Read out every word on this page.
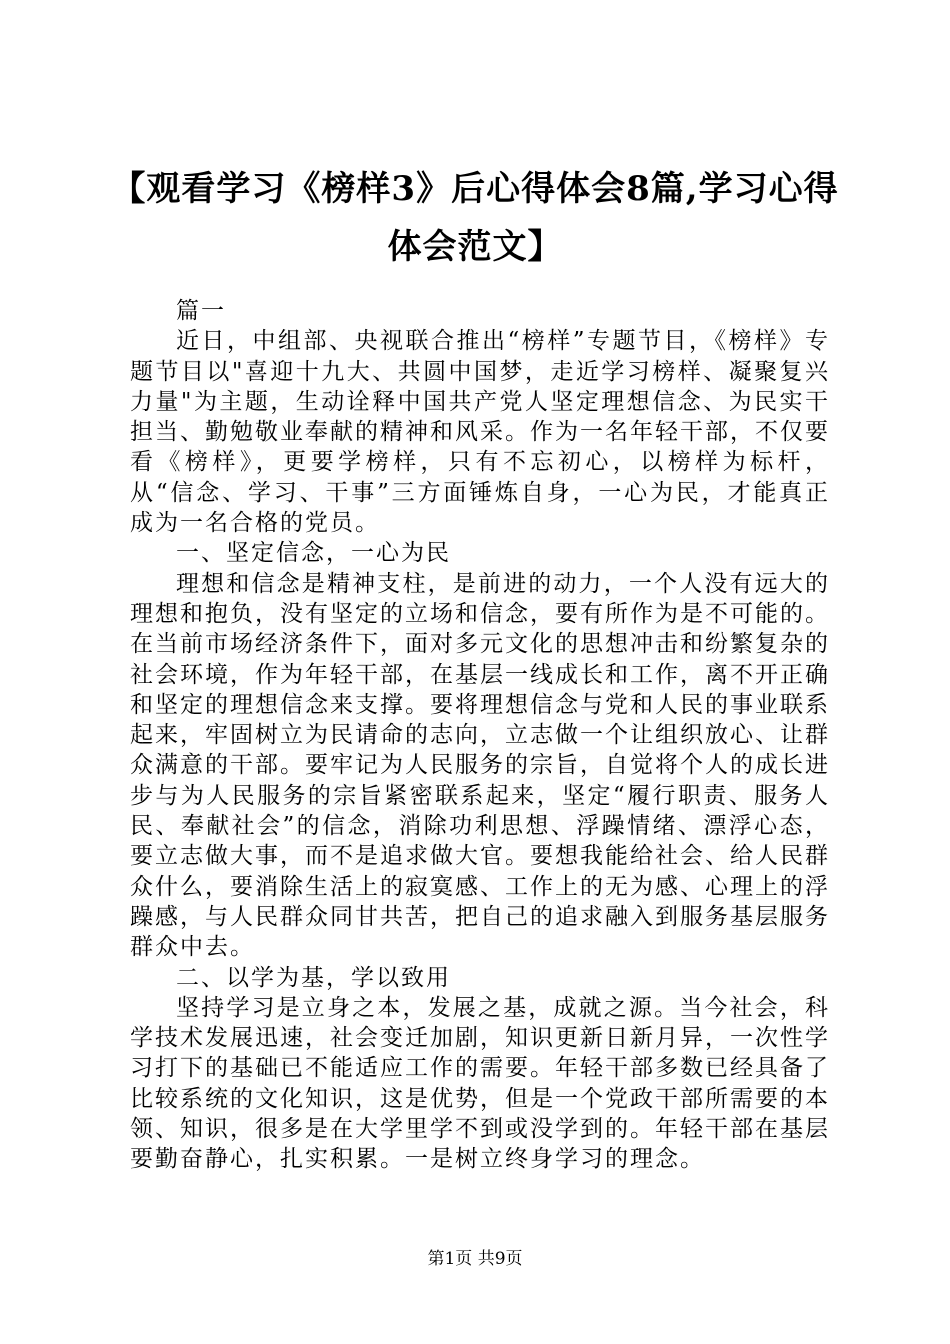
【观看学习《榜样3》后心得体会8篇,学习心得体会范文】

篇一

近日，中组部、央视联合推出“榜样”专题节目，《榜样》专题节目以"喜迎十九大、共圆中国梦，走近学习榜样、凝聚复兴力量"为主题，生动诠释中国共产党人坚定理想信念、为民实干担当、勤勉敬业奉献的精神和风采。作为一名年轻干部，不仅要看《榜样》，更要学榜样，只有不忘初心，以榜样为标杆，从“信念、学习、干事”三方面锤炼自身，一心为民，才能真正成为一名合格的党员。

一、坚定信念，一心为民

理想和信念是精神支柱，是前进的动力，一个人没有远大的理想和抱负，没有坚定的立场和信念，要有所作为是不可能的。在当前市场经济条件下，面对多元文化的思想冲击和纷繁复杂的社会环境，作为年轻干部，在基层一线成长和工作，离不开正确和坚定的理想信念来支撑。要将理想信念与党和人民的事业联系起来，牢固树立为民请命的志向，立志做一个让组织放心、让群众满意的干部。要牢记为人民服务的宗旨，自觉将个人的成长进步与为人民服务的宗旨紧密联系起来，坚定“履行职责、服务人民、奉献社会”的信念，消除功利思想、浮躁情绪、漂浮心态，要立志做大事，而不是追求做大官。要想我能给社会、给人民群众什么，要消除生活上的寂寞感、工作上的无为感、心理上的浮躁感，与人民群众同甘共苦，把自己的追求融入到服务基层服务群众中去。

二、以学为基，学以致用

坚持学习是立身之本，发展之基，成就之源。当今社会，科学技术发展迅速，社会变迁加剧，知识更新日新月异，一次性学习打下的基础已不能适应工作的需要。年轻干部多数已经具备了比较系统的文化知识，这是优势，但是一个党政干部所需要的本领、知识，很多是在大学里学不到或没学到的。年轻干部在基层要勤奋静心，扎实积累。一是树立终身学习的理念。

第1页 共9页
